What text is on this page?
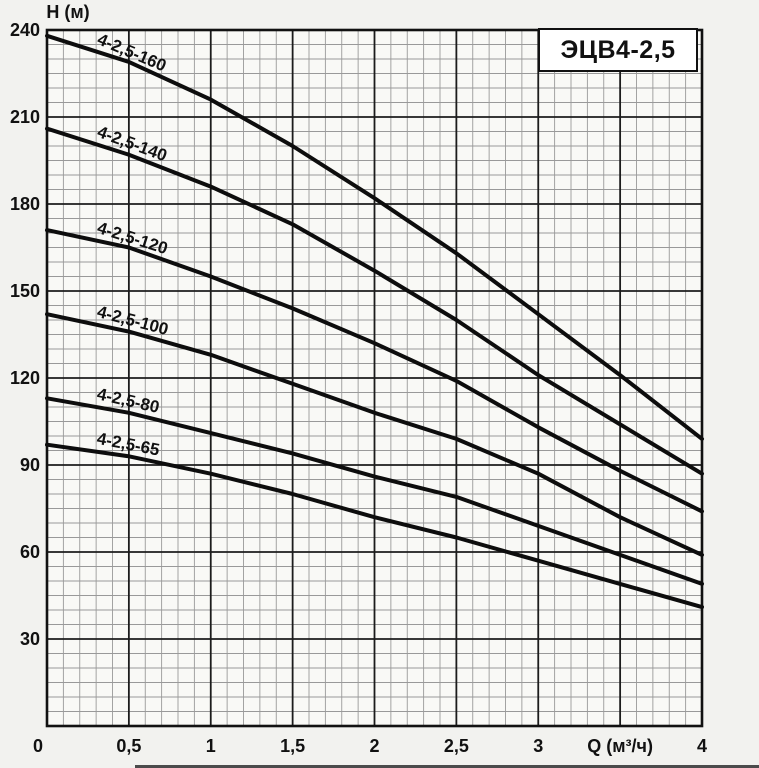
4-2,5-160
4-2,5-140
4-2,5-120
4-2,5-100
4-2,5-80
4-2,5-65
30
60
90
120
150
180
210
240
0	0,5	1	1,5	2	2,5	3	4
H (м)
Q (м³/ч)
ЭЦВ4-2,5
